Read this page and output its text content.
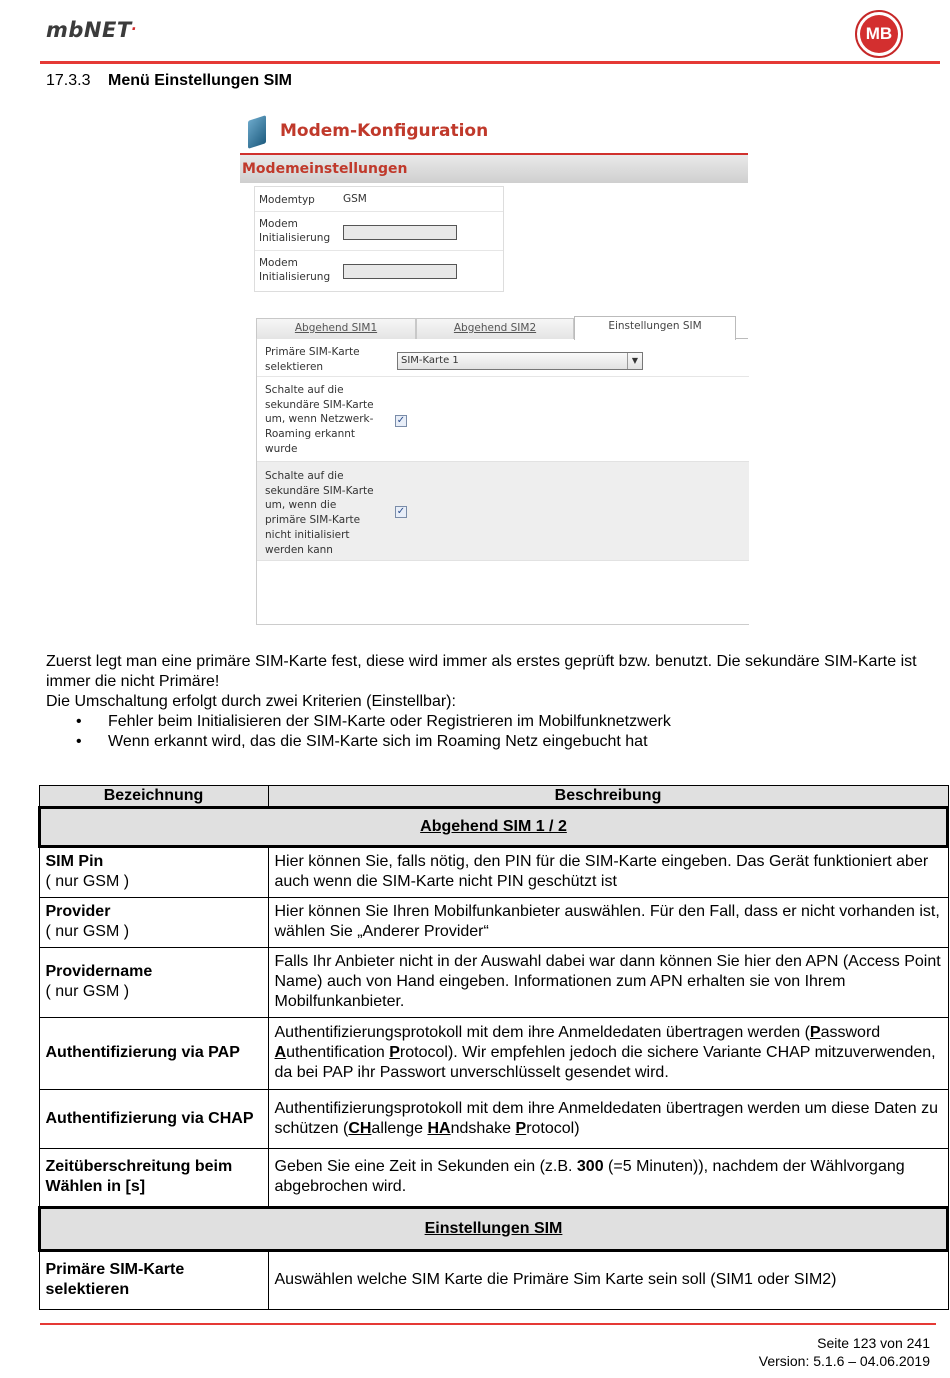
mbNET.	MB
17.3.3 Menü Einstellungen SIM
Modem-Konfiguration
Modemeinstellungen
Modemtyp	GSM
Modem
Initialisierung
Modem
Initialisierung
Abgehend SIM1	Abgehend SIM2	Einstellungen SIM
Primäre SIM-Karte
selektieren
SIM-Karte 1	▼
Schalte auf die
sekundäre SIM-Karte
um, wenn Netzwerk-
Roaming erkannt
wurde
✓
Schalte auf die
sekundäre SIM-Karte
um, wenn die
primäre SIM-Karte
nicht initialisiert
werden kann
✓
Zuerst legt man eine primäre SIM-Karte fest, diese wird immer als erstes geprüft bzw. benutzt. Die sekundäre SIM-Karte ist immer die nicht Primäre!
Die Umschaltung erfolgt durch zwei Kriterien (Einstellbar):
• Fehler beim Initialisieren der SIM-Karte oder Registrieren im Mobilfunknetzwerk
• Wenn erkannt wird, das die SIM-Karte sich im Roaming Netz eingebucht hat
Bezeichnung	Beschreibung
Abgehend SIM 1 / 2	
SIM Pin
( nur GSM )	Hier können Sie, falls nötig, den PIN für die SIM-Karte eingeben. Das Gerät funktioniert aber auch wenn die SIM-Karte nicht PIN geschützt ist
Provider
( nur GSM )	Hier können Sie Ihren Mobilfunkanbieter auswählen. Für den Fall, dass er nicht vorhanden ist, wählen Sie „Anderer Provider“
Providername
( nur GSM )	Falls Ihr Anbieter nicht in der Auswahl dabei war dann können Sie hier den APN (Access Point Name) auch von Hand eingeben. Informationen zum APN erhalten sie von Ihrem Mobilfunkanbieter.
Authentifizierung via PAP	Authentifizierungsprotokoll mit dem ihre Anmeldedaten übertragen werden (Password Authentification Protocol). Wir empfehlen jedoch die sichere Variante CHAP mitzuverwenden, da bei PAP ihr Passwort unverschlüsselt gesendet wird.
Authentifizierung via CHAP	Authentifizierungsprotokoll mit dem ihre Anmeldedaten übertragen werden um diese Daten zu schützen (CHallenge HAndshake Protocol)
Zeitüberschreitung beim Wählen in [s]	Geben Sie eine Zeit in Sekunden ein (z.B. 300 (=5 Minuten)), nachdem der Wählvorgang abgebrochen wird.
Einstellungen SIM	
Primäre SIM-Karte selektieren	Auswählen welche SIM Karte die Primäre Sim Karte sein soll (SIM1 oder SIM2)
Seite 123 von 241
Version: 5.1.6 – 04.06.2019
